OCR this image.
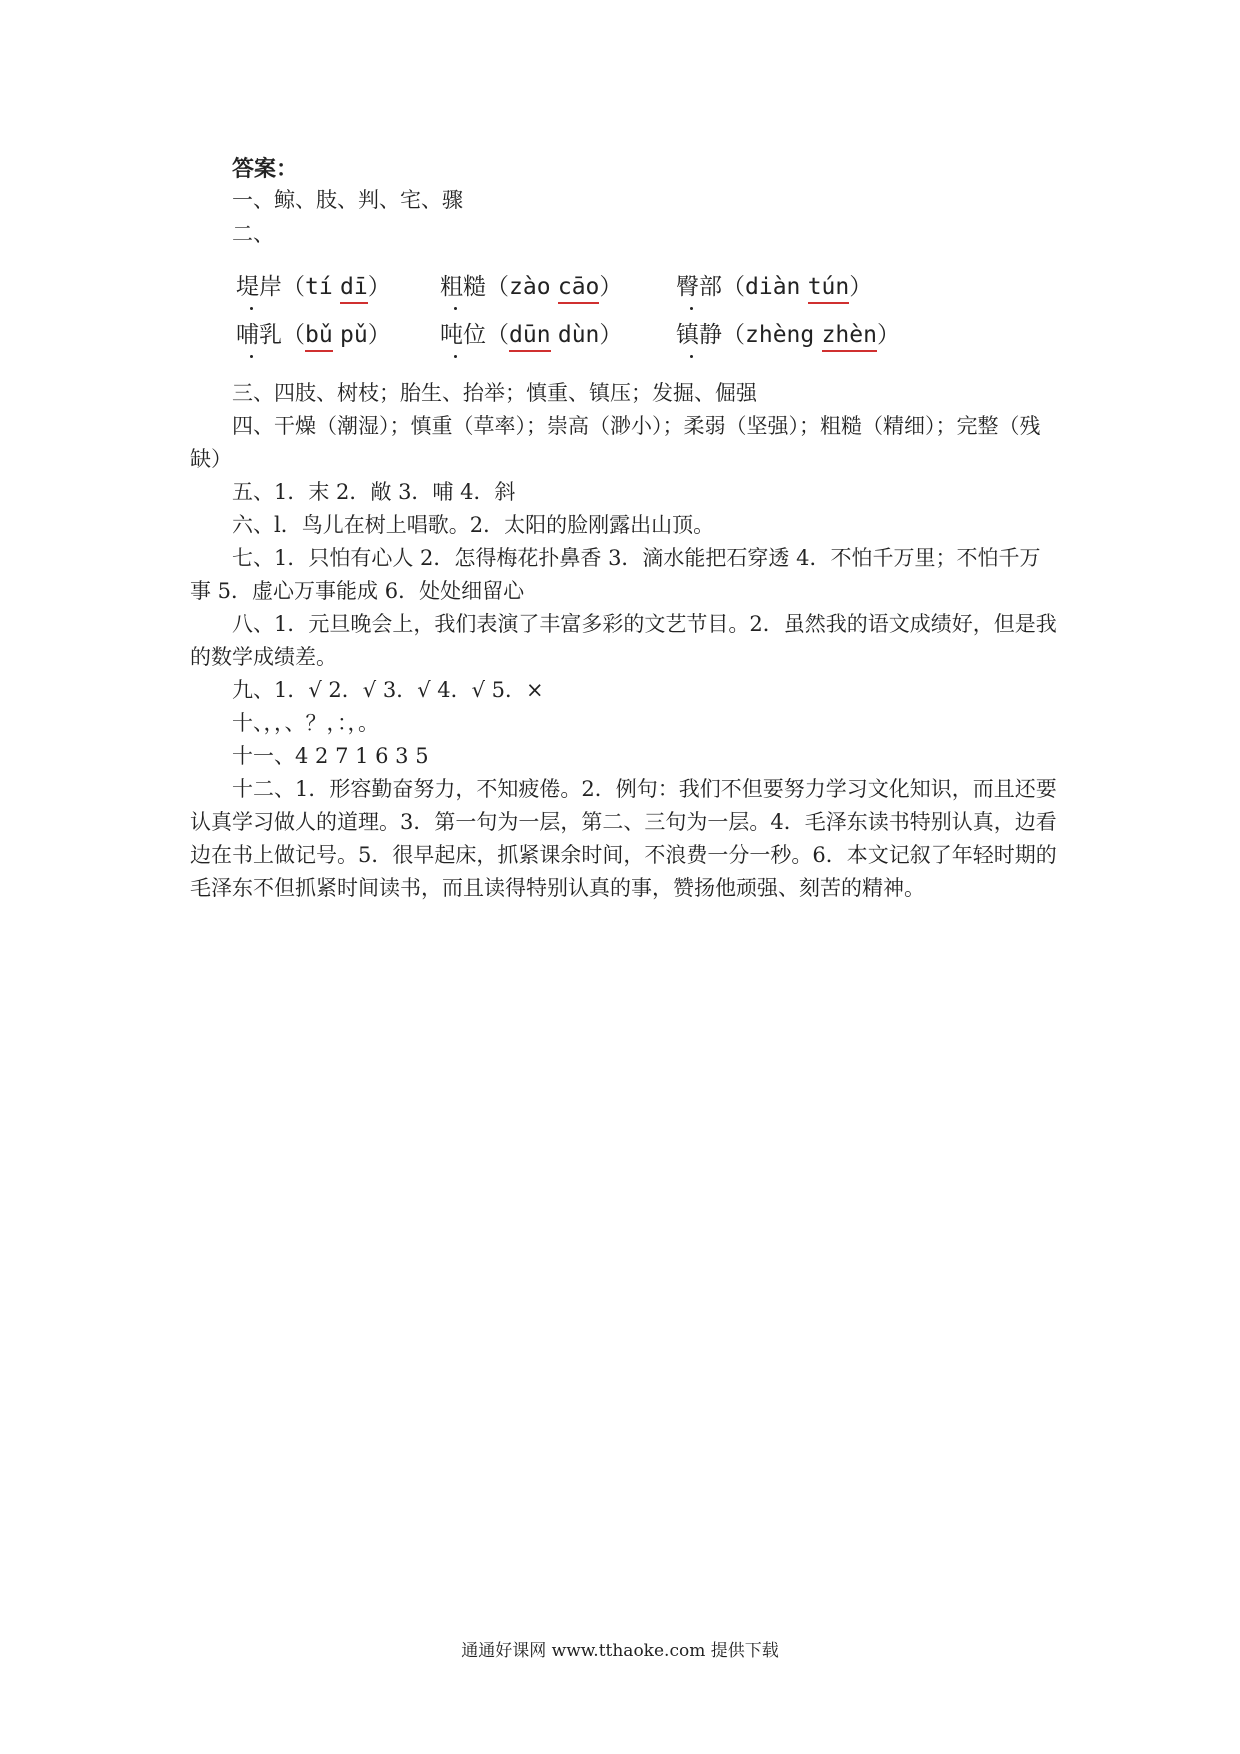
答案：
一、鲸、肢、判、宅、骤
二、
堤岸
（tí dī） 粗糙
（zào cāo） 臀部
（diàn tún）
哺乳
（bǔ pǔ） 吨位
（dūn dùn） 镇静
（zhèng zhèn）
三、四肢、树枝；胎生、抬举；慎重、镇压；发掘、倔强
四、干燥（潮湿）；慎重（草率）；崇高（渺小）；柔弱（坚强）；粗糙（精细）；完整（残缺）
五、1．末 2．敞 3．哺 4．斜
六、l．鸟儿在树上唱歌。2．太阳的脸刚露出山顶。
七、1．只怕有心人 2．怎得梅花扑鼻香 3．滴水能把石穿透 4．不怕千万里；不怕千万事 5．虚心万事能成 6．处处细留心
八、1．元旦晚会上，我们表演了丰富多彩的文艺节目。2．虽然我的语文成绩好，但是我的数学成绩差。
九、1．√ 2．√ 3．√ 4．√ 5．×
十、，，、？，：，。
十一、4 2 7 1 6 3 5
十二、1．形容勤奋努力，不知疲倦。2．例句：我们不但要努力学习文化知识，而且还要认真学习做人的道理。3．第一句为一层，第二、三句为一层。4．毛泽东读书特别认真，边看边在书上做记号。5．很早起床，抓紧课余时间，不浪费一分一秒。6．本文记叙了年轻时期的毛泽东不但抓紧时间读书，而且读得特别认真的事，赞扬他顽强、刻苦的精神。
通通好课网 www.tthaoke.com 提供下载
